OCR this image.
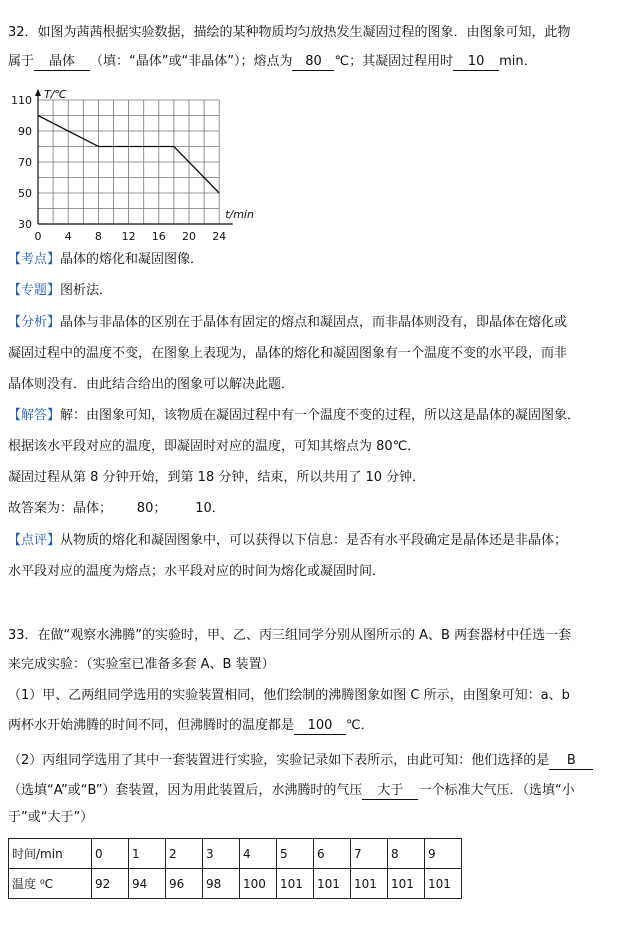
32．如图为茜茜根据实验数据，描绘的某种物质均匀放热发生凝固过程的图象．由图象可知，此物
属于 晶体 （填：“晶体”或“非晶体”）；熔点为 80 ℃；其凝固过程用时 10 min．
0 4 8 12 16 20 24
30
50
70
90
110 T/℃
t/min
【考点】晶体的熔化和凝固图像．
【专题】图析法．
【分析】晶体与非晶体的区别在于晶体有固定的熔点和凝固点，而非晶体则没有，即晶体在熔化或
凝固过程中的温度不变，在图象上表现为，晶体的熔化和凝固图象有一个温度不变的水平段，而非
晶体则没有．由此结合给出的图象可以解决此题．
【解答】解：由图象可知，该物质在凝固过程中有一个温度不变的过程，所以这是晶体的凝固图象．
根据该水平段对应的温度，即凝固时对应的温度，可知其熔点为 80℃．
凝固过程从第 8 分钟开始，到第 18 分钟，结束，所以共用了 10 分钟．
故答案为：晶体；      80；       10．
【点评】从物质的熔化和凝固图象中，可以获得以下信息：是否有水平段确定是晶体还是非晶体；
水平段对应的温度为熔点；水平段对应的时间为熔化或凝固时间．
33．在做“观察水沸腾”的实验时，甲、乙、丙三组同学分别从图所示的 A、B 两套器材中任选一套
来完成实验：（实验室已准备多套 A、B 装置）
（1）甲、乙两组同学选用的实验装置相同，他们绘制的沸腾图象如图 C 所示，由图象可知：a、b
两杯水开始沸腾的时间不同，但沸腾时的温度都是 100 ℃．
（2）丙组同学选用了其中一套装置进行实验，实验记录如下表所示，由此可知：他们选择的是 B
（选填“A”或“B”）套装置，因为用此装置后，水沸腾时的气压 大于 一个标准大气压．（选填“小
于”或“大于”）
时间/min	0	1	2	3	4	5	6	7	8	9
温度 ⁰C	92	94	96	98	100	101	101	101	101	101
